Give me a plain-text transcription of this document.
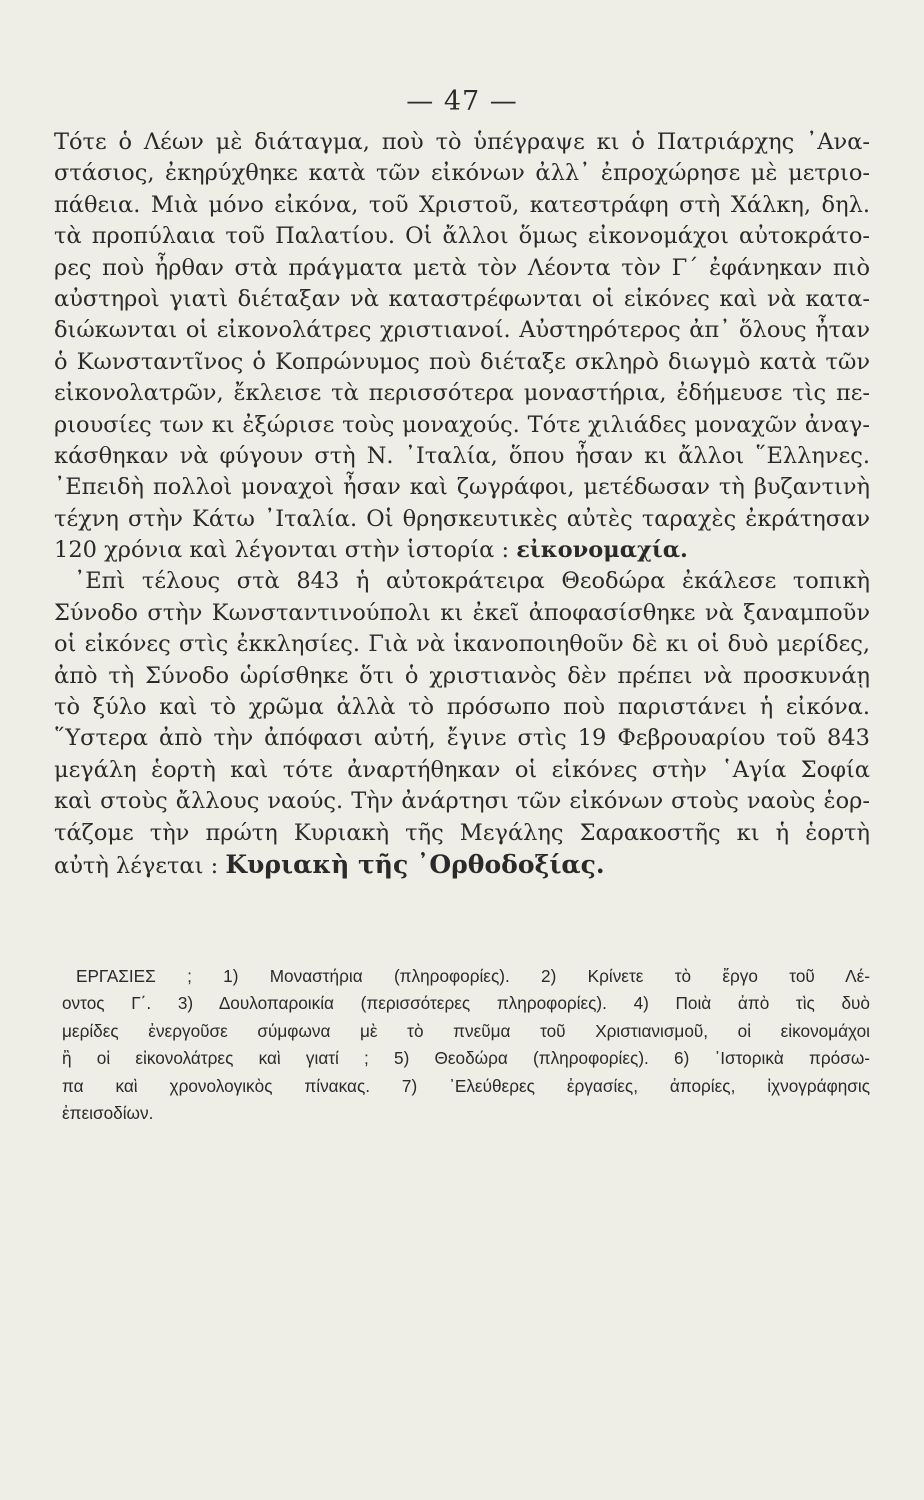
— 47 —
Τότε ὁ Λέων μὲ διάταγμα, ποὺ τὸ ὑπέγραψε κι ὁ Πατριάρχης ᾿Ανα-
στάσιος, ἐκηρύχθηκε κατὰ τῶν εἰκόνων ἀλλ᾿ ἐπροχώρησε μὲ μετριο-
πάθεια. Μιὰ μόνο εἰκόνα, τοῦ Χριστοῦ, κατεστράφη στὴ Χάλκη, δηλ.
τὰ προπύλαια τοῦ Παλατίου. Οἱ ἄλλοι ὅμως εἰκονομάχοι αὐτοκράτο-
ρες ποὺ ἦρθαν στὰ πράγματα μετὰ τὸν Λέοντα τὸν Γ΄ ἐφάνηκαν πιὸ
αὐστηροὶ γιατὶ διέταξαν νὰ καταστρέφωνται οἱ εἰκόνες καὶ νὰ κατα-
διώκωνται οἱ εἰκονολάτρες χριστιανοί. Αὐστηρότερος ἀπ᾿ ὅλους ἦταν
ὁ Κωνσταντῖνος ὁ Κοπρώνυμος ποὺ διέταξε σκληρὸ διωγμὸ κατὰ τῶν
εἰκονολατρῶν, ἔκλεισε τὰ περισσότερα μοναστήρια, ἐδήμευσε τὶς πε-
ριουσίες των κι ἐξώρισε τοὺς μοναχούς. Τότε χιλιάδες μοναχῶν ἀναγ-
κάσθηκαν νὰ φύγουν στὴ Ν. ᾿Ιταλία, ὅπου ἦσαν κι ἄλλοι ῞Ελληνες.
᾿Επειδὴ πολλοὶ μοναχοὶ ἦσαν καὶ ζωγράφοι, μετέδωσαν τὴ βυζαντινὴ
τέχνη στὴν Κάτω ᾿Ιταλία. Οἱ θρησκευτικὲς αὐτὲς ταραχὲς ἐκράτησαν
120 χρόνια καὶ λέγονται στὴν ἱστορία : εἰκονομαχία.
᾿Επὶ τέλους στὰ 843 ἡ αὐτοκράτειρα Θεοδώρα ἐκάλεσε τοπικὴ
Σύνοδο στὴν Κωνσταντινούπολι κι ἐκεῖ ἀποφασίσθηκε νὰ ξαναμποῦν
οἱ εἰκόνες στὶς ἐκκλησίες. Γιὰ νὰ ἱκανοποιηθοῦν δὲ κι οἱ δυὸ μερίδες,
ἀπὸ τὴ Σύνοδο ὡρίσθηκε ὅτι ὁ χριστιανὸς δὲν πρέπει νὰ προσκυνάῃ
τὸ ξύλο καὶ τὸ χρῶμα ἀλλὰ τὸ πρόσωπο ποὺ παριστάνει ἡ εἰκόνα.
῞Υστερα ἀπὸ τὴν ἀπόφασι αὐτή, ἔγινε στὶς 19 Φεβρουαρίου τοῦ 843
μεγάλη ἑορτὴ καὶ τότε ἀναρτήθηκαν οἱ εἰκόνες στὴν ῾Αγία Σοφία
καὶ στοὺς ἄλλους ναούς. Τὴν ἀνάρτησι τῶν εἰκόνων στοὺς ναοὺς ἑορ-
τάζομε τὴν πρώτη Κυριακὴ τῆς Μεγάλης Σαρακοστῆς κι ἡ ἑορτὴ
αὐτὴ λέγεται : Κυριακὴ τῆς ᾿Ορθοδοξίας.
ΕΡΓΑΣΙΕΣ ; 1) Μοναστήρια (πληροφορίες). 2) Κρίνετε τὸ ἔργο τοῦ Λέ-
οντος Γ΄. 3) Δουλοπαροικία (περισσότερες πληροφορίες). 4) Ποιὰ ἀπὸ τὶς δυὸ
μερίδες ἐνεργοῦσε σύμφωνα μὲ τὸ πνεῦμα τοῦ Χριστιανισμοῦ, οἱ εἰκονομάχοι
ἢ οἱ εἰκονολάτρες καὶ γιατί ; 5) Θεοδώρα (πληροφορίες). 6) ᾿Ιστορικὰ πρόσω-
πα καὶ χρονολογικὸς πίνακας. 7) ᾿Ελεύθερες ἐργασίες, ἀπορίες, ἰχνογράφησις
ἐπεισοδίων.
